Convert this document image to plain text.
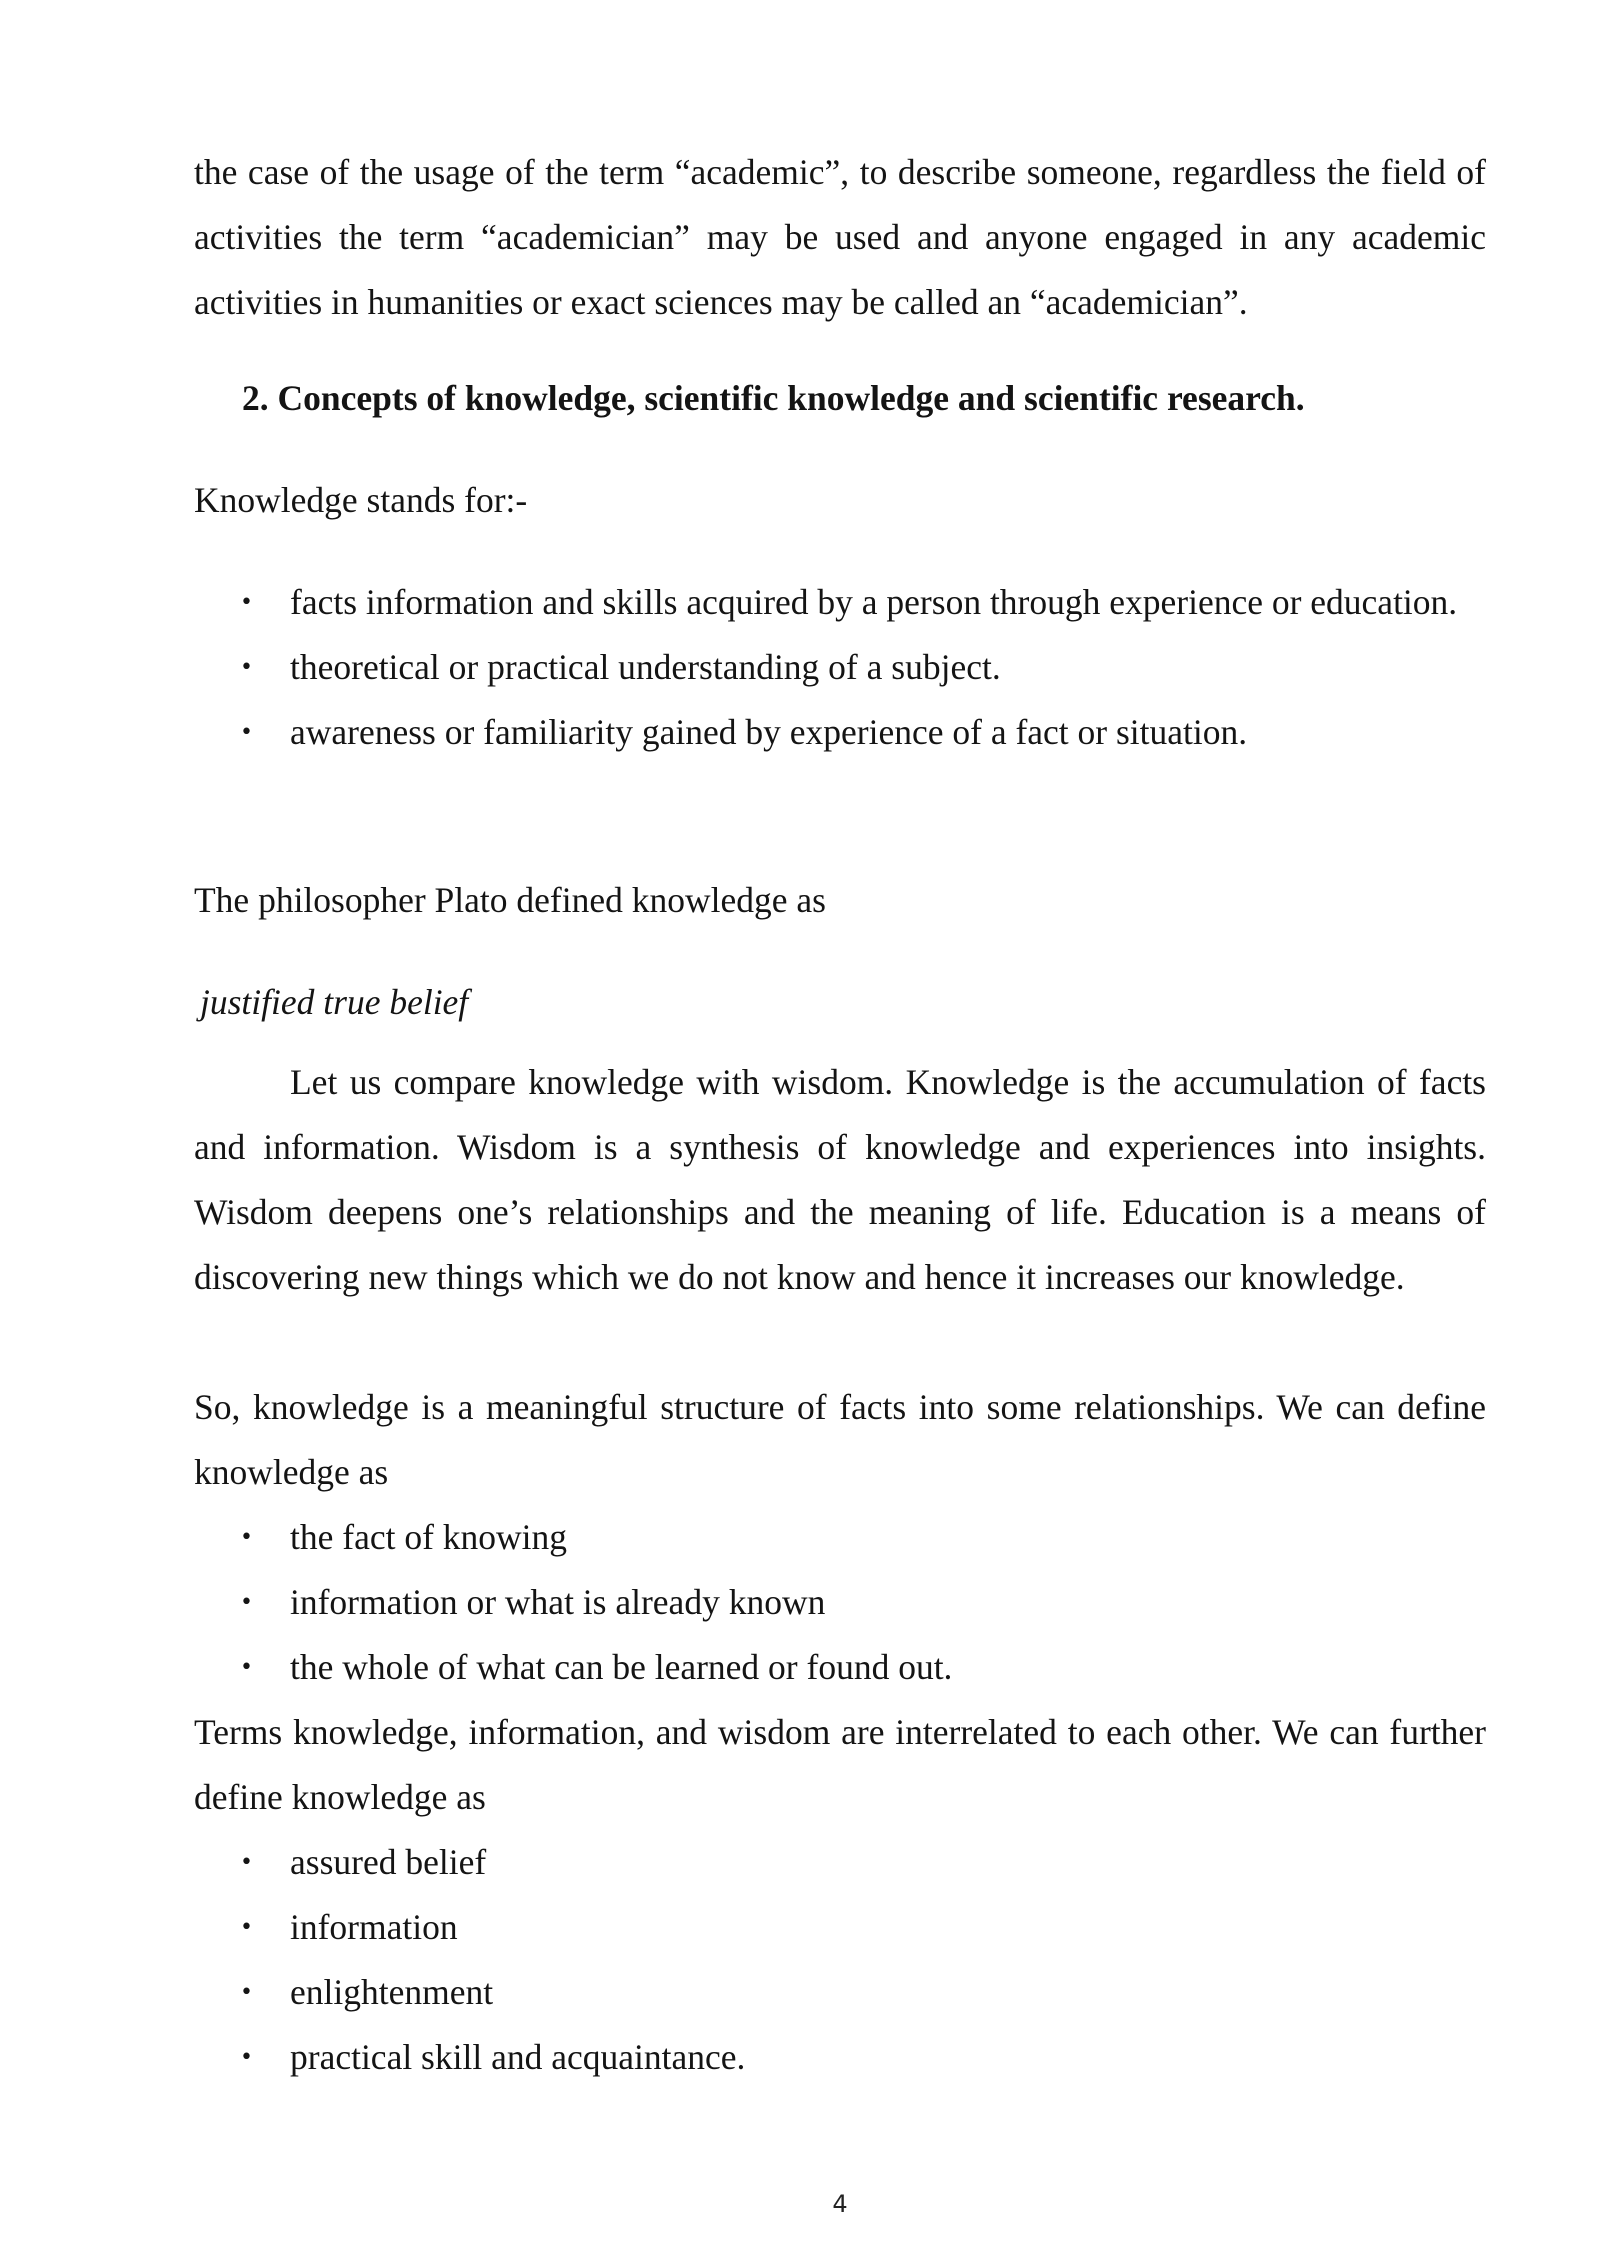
the case of the usage of the term “academic”, to describe someone, regardless the field of activities the term “academician” may be used and anyone engaged in any academic activities in humanities or exact sciences may be called an “academician”.

2. Concepts of knowledge, scientific knowledge and scientific research.
Knowledge stands for:-
• facts information and skills acquired by a person through experience or education.
• theoretical or practical understanding of a subject.
• awareness or familiarity gained by experience of a fact or situation.
The philosopher Plato defined knowledge as
justified true belief

Let us compare knowledge with wisdom. Knowledge is the accumulation of facts and information. Wisdom is a synthesis of knowledge and experiences into insights. Wisdom deepens one’s relationships and the meaning of life. Education is a means of discovering new things which we do not know and hence it increases our knowledge.

So, knowledge is a meaningful structure of facts into some relationships. We can define knowledge as

• the fact of knowing
• information or what is already known
• the whole of what can be learned or found out.

Terms knowledge, information, and wisdom are interrelated to each other. We can further define knowledge as

• assured belief
• information
• enlightenment
• practical skill and acquaintance.
4
